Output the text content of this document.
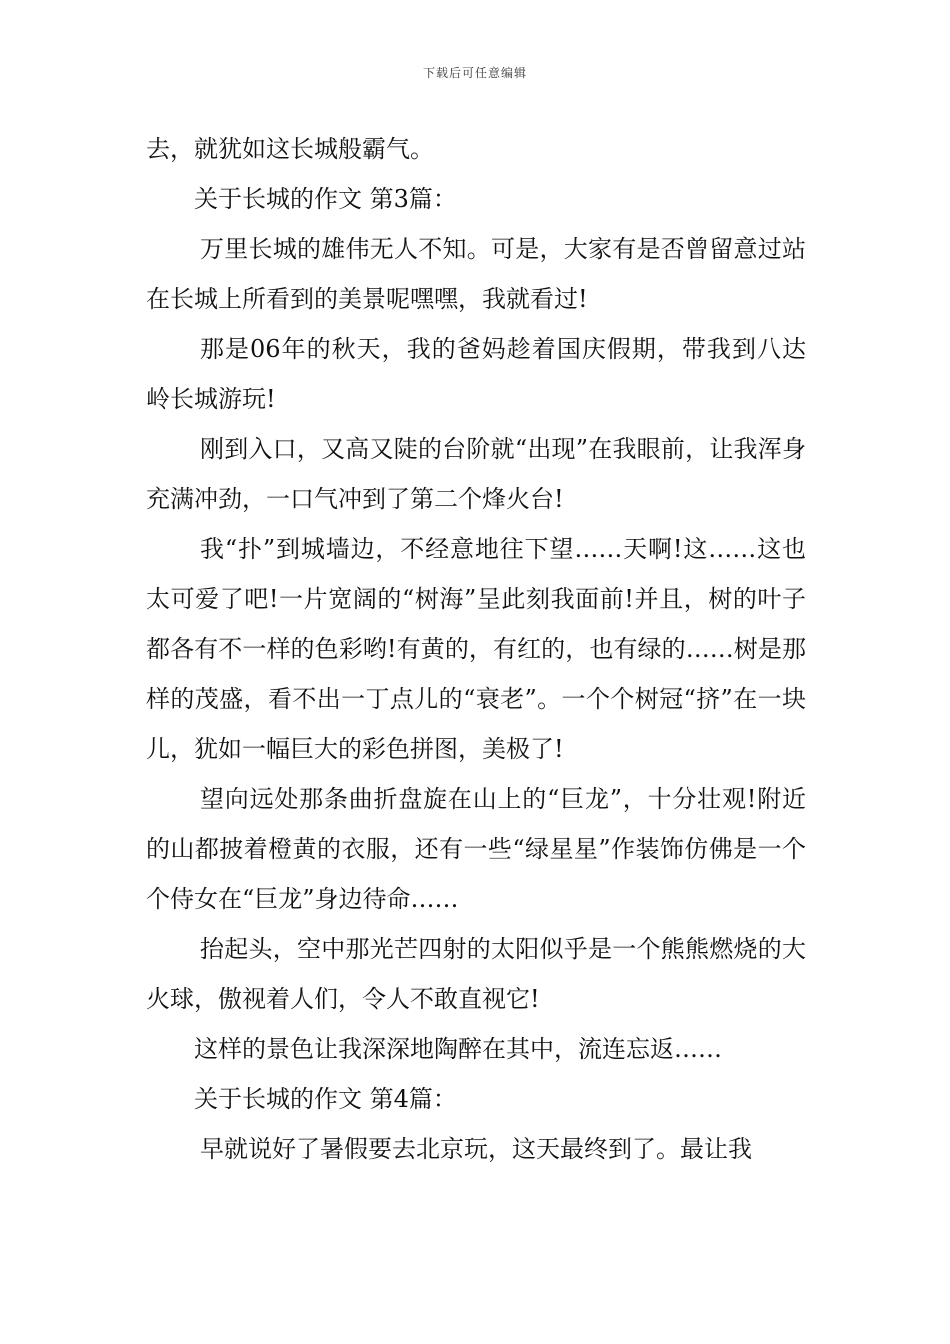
下载后可任意编辑

去，就犹如这长城般霸气。

关于长城的作文 第3篇：

万里长城的雄伟无人不知。可是，大家有是否曾留意过站在长城上所看到的美景呢嘿嘿，我就看过!

那是06年的秋天，我的爸妈趁着国庆假期，带我到八达岭长城游玩!

刚到入口，又高又陡的台阶就“出现”在我眼前，让我浑身充满冲劲，一口气冲到了第二个烽火台!

我“扑”到城墙边，不经意地往下望……天啊!这……这也太可爱了吧!一片宽阔的“树海”呈此刻我面前!并且，树的叶子都各有不一样的色彩哟!有黄的，有红的，也有绿的……树是那样的茂盛，看不出一丁点儿的“衰老”。一个个树冠“挤”在一块儿，犹如一幅巨大的彩色拼图，美极了!

望向远处那条曲折盘旋在山上的“巨龙”，十分壮观!附近的山都披着橙黄的衣服，还有一些“绿星星”作装饰仿佛是一个个侍女在“巨龙”身边待命……

抬起头，空中那光芒四射的太阳似乎是一个熊熊燃烧的大火球，傲视着人们，令人不敢直视它!

这样的景色让我深深地陶醉在其中，流连忘返……

关于长城的作文 第4篇：

早就说好了暑假要去北京玩，这天最终到了。最让我
